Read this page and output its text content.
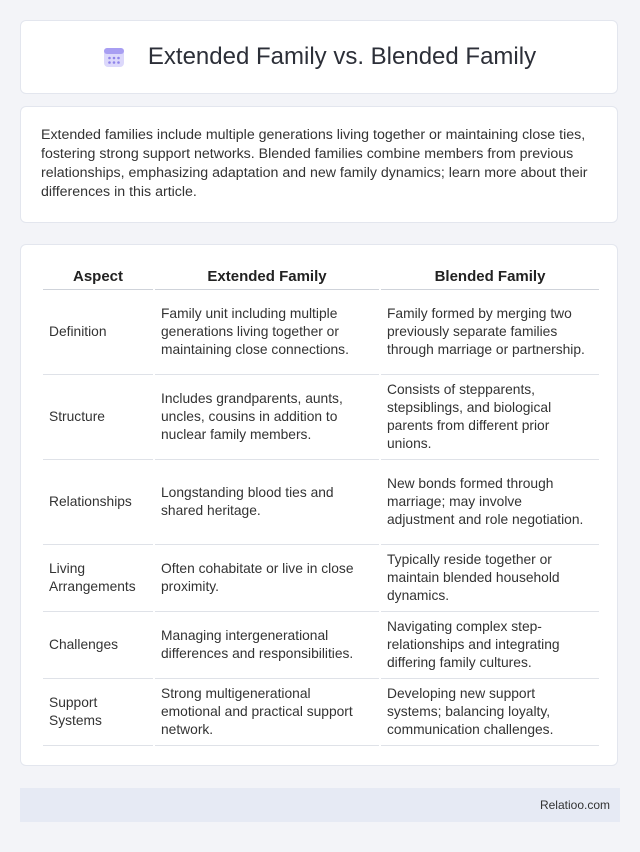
Extended Family vs. Blended Family

Extended families include multiple generations living together or maintaining close ties, fostering strong support networks. Blended families combine members from previous relationships, emphasizing adaptation and new family dynamics; learn more about their differences in this article.

Aspect	Extended Family	Blended Family
Definition	Family unit including multiple generations living together or maintaining close connections.	Family formed by merging two previously separate families through marriage or partnership.
Structure	Includes grandparents, aunts, uncles, cousins in addition to nuclear family members.	Consists of stepparents, stepsiblings, and biological parents from different prior unions.
Relationships	Longstanding blood ties and shared heritage.	New bonds formed through marriage; may involve adjustment and role negotiation.
Living Arrangements	Often cohabitate or live in close proximity.	Typically reside together or maintain blended household dynamics.
Challenges	Managing intergenerational differences and responsibilities.	Navigating complex step-relationships and integrating differing family cultures.
Support Systems	Strong multigenerational emotional and practical support network.	Developing new support systems; balancing loyalty, communication challenges.
Relatioo.com
